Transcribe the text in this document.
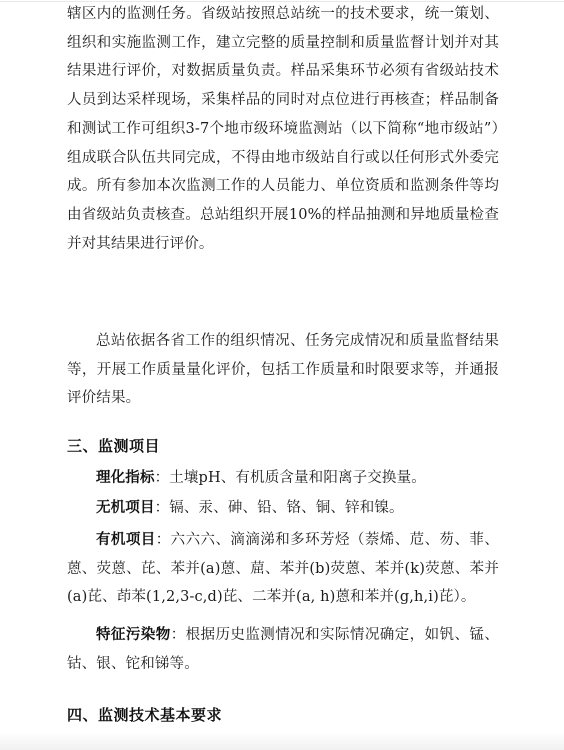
辖区内的监测任务。省级站按照总站统一的技术要求，统一策划、组织和实施监测工作，建立完整的质量控制和质量监督计划并对其结果进行评价，对数据质量负责。样品采集环节必须有省级站技术人员到达采样现场，采集样品的同时对点位进行再核查；样品制备和测试工作可组织3-7个地市级环境监测站（以下简称“地市级站”）组成联合队伍共同完成，不得由地市级站自行或以任何形式外委完成。所有参加本次监测工作的人员能力、单位资质和监测条件等均由省级站负责核查。总站组织开展10%的样品抽测和异地质量检查并对其结果进行评价。

总站依据各省工作的组织情况、任务完成情况和质量监督结果等，开展工作质量量化评价，包括工作质量和时限要求等，并通报评价结果。

三、监测项目

理化指标：土壤pH、有机质含量和阳离子交换量。

无机项目：镉、汞、砷、铅、铬、铜、锌和镍。

有机项目：六六六、滴滴涕和多环芳烃（萘烯、苊、芴、菲、蒽、荧蒽、芘、苯并(a)蒽、䓛、苯并(b)荧蒽、苯并(k)荧蒽、苯并(a)芘、茚苯(1,2,3-c,d)芘、二苯并(a, h)蒽和苯并(g,h,i)芘）。

特征污染物：根据历史监测情况和实际情况确定，如钒、锰、钴、银、铊和锑等。

四、监测技术基本要求
